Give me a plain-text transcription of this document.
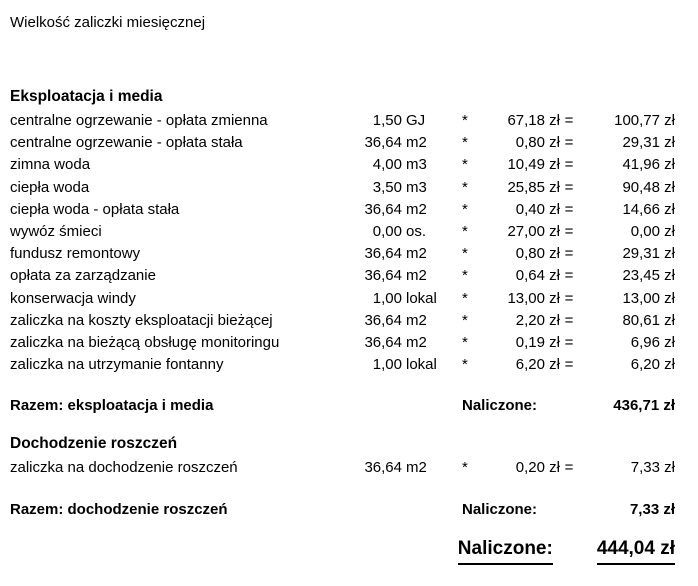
Wielkość zaliczki miesięcznej
Eksploatacja i media
centralne ogrzewanie - opłata zmienna	1,50 GJ	*	67,18 zł =	100,77 zł
centralne ogrzewanie - opłata stała	36,64 m2	*	0,80 zł =	29,31 zł
zimna woda	4,00 m3	*	10,49 zł =	41,96 zł
ciepła woda	3,50 m3	*	25,85 zł =	90,48 zł
ciepła woda - opłata stała	36,64 m2	*	0,40 zł =	14,66 zł
wywóz śmieci	0,00 os.	*	27,00 zł =	0,00 zł
fundusz remontowy	36,64 m2	*	0,80 zł =	29,31 zł
opłata za zarządzanie	36,64 m2	*	0,64 zł =	23,45 zł
konserwacja windy	1,00 lokal	*	13,00 zł =	13,00 zł
zaliczka na koszty eksploatacji bieżącej	36,64 m2	*	2,20 zł =	80,61 zł
zaliczka na bieżącą obsługę monitoringu	36,64 m2	*	0,19 zł =	6,96 zł
zaliczka na utrzymanie fontanny	1,00 lokal	*	6,20 zł =	6,20 zł
Razem: eksploatacja i media	Naliczone:	436,71 zł
Dochodzenie roszczeń
zaliczka na dochodzenie roszczeń	36,64 m2	*	0,20 zł =	7,33 zł
Razem: dochodzenie roszczeń	Naliczone:	7,33 zł
Naliczone: 444,04 zł
